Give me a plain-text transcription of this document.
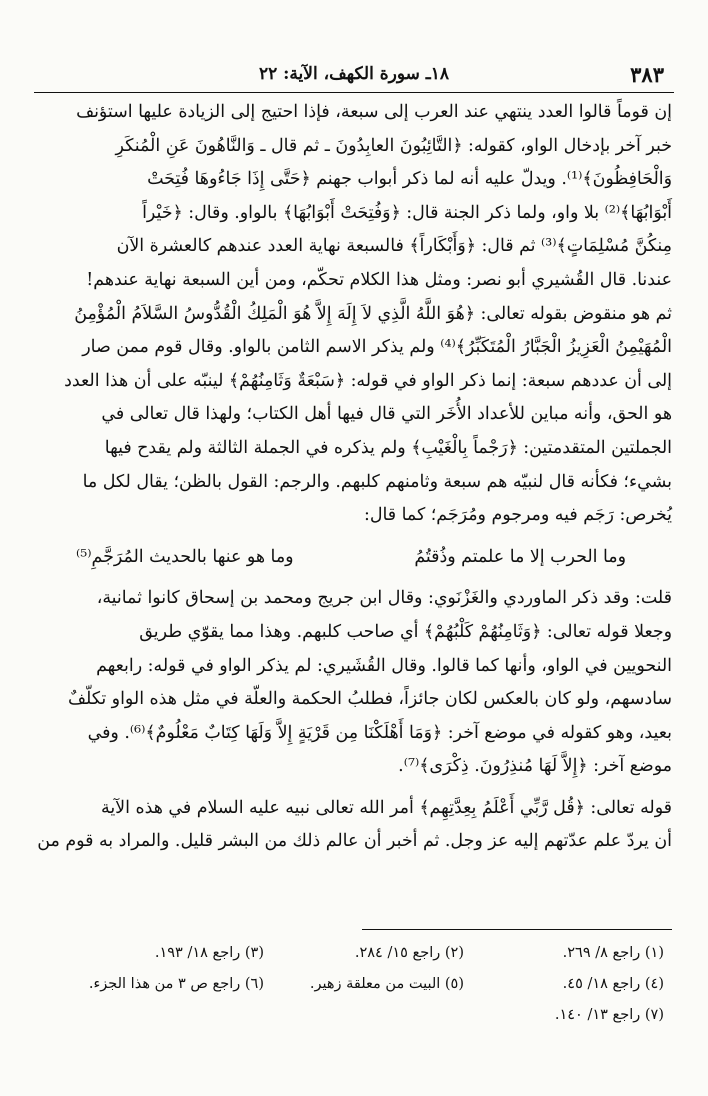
٣٨٣
١٨ـ سورة الكهف، الآية: ٢٢

إن قوماً قالوا العدد ينتهي عند العرب إلى سبعة، فإذا احتيج إلى الزيادة عليها استؤنف

خبر آخر بإدخال الواو، كقوله: ﴿التَّائِبُونَ العابِدُونَ ـ ثم قال ـ وَالنَّاهُونَ عَنِ الْمُنكَرِ

وَالْحَافِظُونَ﴾⁽¹⁾. ويدلّ عليه أنه لما ذكر أبواب جهنم ﴿حَتَّى إِذَا جَاءُوهَا فُتِحَتْ

أَبْوَابُهَا﴾⁽²⁾ بلا واو، ولما ذكر الجنة قال: ﴿وَفُتِحَتْ أَبْوَابُهَا﴾ بالواو. وقال: ﴿خَيْراً

مِنكُنَّ مُسْلِمَاتٍ﴾⁽³⁾ ثم قال: ﴿وَأَبْكَاراً﴾ فالسبعة نهاية العدد عندهم كالعشرة الآن

عندنا. قال القُشيري أبو نصر: ومثل هذا الكلام تحكّم، ومن أين السبعة نهاية عندهم!

ثم هو منقوض بقوله تعالى: ﴿هُوَ اللَّهُ الَّذِي لاَ إِلَهَ إِلاَّ هُوَ الْمَلِكُ الْقُدُّوسُ السَّلاَمُ الْمُؤْمِنُ

الْمُهَيْمِنُ الْعَزِيزُ الْجَبَّارُ الْمُتَكَبِّرُ﴾⁽⁴⁾ ولم يذكر الاسم الثامن بالواو. وقال قوم ممن صار

إلى أن عددهم سبعة: إنما ذكر الواو في قوله: ﴿سَبْعَةٌ وَثَامِنُهُمْ﴾ لينبّه على أن هذا العدد

هو الحق، وأنه مباين للأعداد الأُخَر التي قال فيها أهل الكتاب؛ ولهذا قال تعالى في

الجملتين المتقدمتين: ﴿رَجْماً بِالْغَيْبِ﴾ ولم يذكره في الجملة الثالثة ولم يقدح فيها

بشيء؛ فكأنه قال لنبيّه هم سبعة وثامنهم كلبهم. والرجم: القول بالظن؛ يقال لكل ما

يُخرص: رَجَم فيه ومرجوم ومُرَجَم؛ كما قال:

وما الحرب إلا ما علمتم وذُقتُمُ
وما هو عنها بالحديث المُرَجَّمِ⁽⁵⁾

قلت: وقد ذكر الماوردي والغَزْنَوي: وقال ابن جريج ومحمد بن إسحاق كانوا ثمانية،

وجعلا قوله تعالى: ﴿وَثَامِنُهُمْ كَلْبُهُمْ﴾ أي صاحب كلبهم. وهذا مما يقوّي طريق

النحويين في الواو، وأنها كما قالوا. وقال القُشَيري: لم يذكر الواو في قوله: رابعهم

سادسهم، ولو كان بالعكس لكان جائزاً، فطلبُ الحكمة والعلّة في مثل هذه الواو تكلّفٌ

بعيد، وهو كقوله في موضع آخر: ﴿وَمَا أَهْلَكْنَا مِن قَرْيَةٍ إِلاَّ وَلَهَا كِتَابٌ مَعْلُومٌ﴾⁽⁶⁾. وفي

موضع آخر: ﴿إِلاَّ لَهَا مُنذِرُونَ. ذِكْرَى﴾⁽⁷⁾.

قوله تعالى: ﴿قُل رَّبِّي أَعْلَمُ بِعِدَّتِهِم﴾ أمر الله تعالى نبيه عليه السلام في هذه الآية

أن يردّ علم عدّتهم إليه عز وجل. ثم أخبر أن عالم ذلك من البشر قليل. والمراد به قوم من

(١) راجع ٨/ ٢٦٩.
(٢) راجع ١٥/ ٢٨٤.
(٣) راجع ١٨/ ١٩٣.
(٤) راجع ١٨/ ٤٥.
(٥) البيت من معلقة زهير.
(٦) راجع ص ٣ من هذا الجزء.
(٧) راجع ١٣/ ١٤٠.
